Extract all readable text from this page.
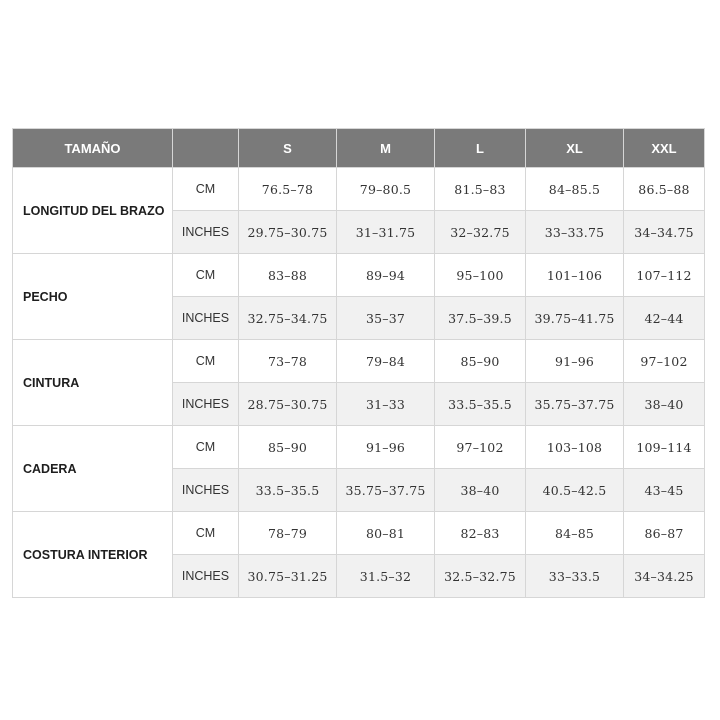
TAMAÑO		S	M	L	XL	XXL
LONGITUD DEL BRAZO	CM	76.5–78	79–80.5	81.5–83	84–85.5	86.5–88
	INCHES	29.75–30.75	31–31.75	32–32.75	33–33.75	34–34.75
PECHO	CM	83–88	89–94	95–100	101–106	107–112
	INCHES	32.75–34.75	35–37	37.5–39.5	39.75–41.75	42–44
CINTURA	CM	73–78	79–84	85–90	91–96	97–102
	INCHES	28.75–30.75	31–33	33.5–35.5	35.75–37.75	38–40
CADERA	CM	85–90	91–96	97–102	103–108	109–114
	INCHES	33.5–35.5	35.75–37.75	38–40	40.5–42.5	43–45
COSTURA INTERIOR	CM	78–79	80–81	82–83	84–85	86–87
	INCHES	30.75–31.25	31.5–32	32.5–32.75	33–33.5	34–34.25
